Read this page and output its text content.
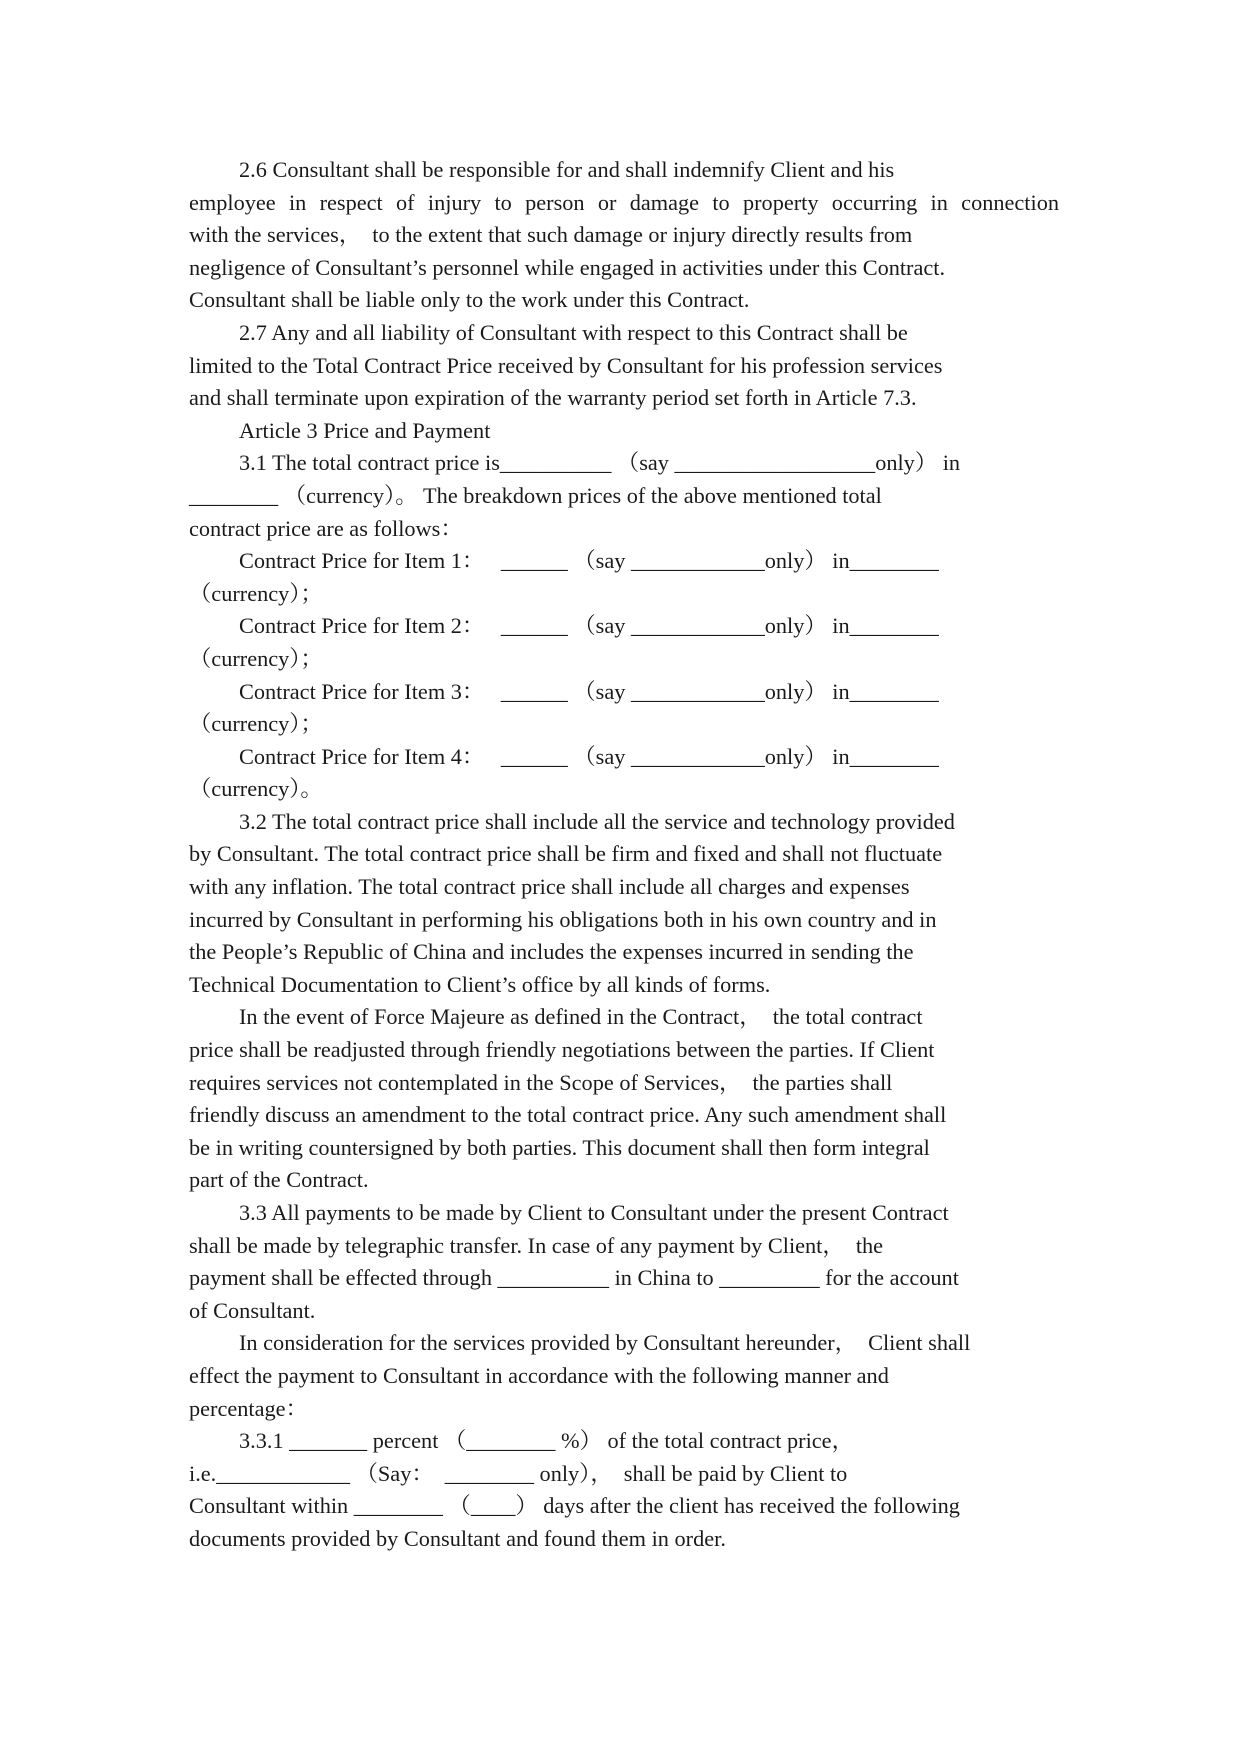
2.6 Consultant shall be responsible for and shall indemnify Client and his
employee in respect of injury to person or damage to property occurring in connection
with the services，  to the extent that such damage or injury directly results from
negligence of Consultant’s personnel while engaged in activities under this Contract.
Consultant shall be liable only to the work under this Contract.
2.7 Any and all liability of Consultant with respect to this Contract shall be
limited to the Total Contract Price received by Consultant for his profession services
and shall terminate upon expiration of the warranty period set forth in Article 7.3.
Article 3 Price and Payment
3.1 The total contract price is__________ （say __________________only） in
________ （currency）。 The breakdown prices of the above mentioned total
contract price are as follows：
Contract Price for Item 1：   ______ （say ____________only） in________
（currency）；
Contract Price for Item 2：   ______ （say ____________only） in________
（currency）；
Contract Price for Item 3：   ______ （say ____________only） in________
（currency）；
Contract Price for Item 4：   ______ （say ____________only） in________
（currency）。
3.2 The total contract price shall include all the service and technology provided
by Consultant. The total contract price shall be firm and fixed and shall not fluctuate
with any inflation. The total contract price shall include all charges and expenses
incurred by Consultant in performing his obligations both in his own country and in
the People’s Republic of China and includes the expenses incurred in sending the
Technical Documentation to Client’s office by all kinds of forms.
In the event of Force Majeure as defined in the Contract，  the total contract
price shall be readjusted through friendly negotiations between the parties. If Client
requires services not contemplated in the Scope of Services，  the parties shall
friendly discuss an amendment to the total contract price. Any such amendment shall
be in writing countersigned by both parties. This document shall then form integral
part of the Contract.
3.3 All payments to be made by Client to Consultant under the present Contract
shall be made by telegraphic transfer. In case of any payment by Client，  the
payment shall be effected through __________ in China to _________ for the account
of Consultant.
In consideration for the services provided by Consultant hereunder，  Client shall
effect the payment to Consultant in accordance with the following manner and
percentage：
3.3.1 _______ percent （________ %） of the total contract price，
i.e.____________ （Say：  ________ only），  shall be paid by Client to
Consultant within ________ （____） days after the client has received the following
documents provided by Consultant and found them in order.
